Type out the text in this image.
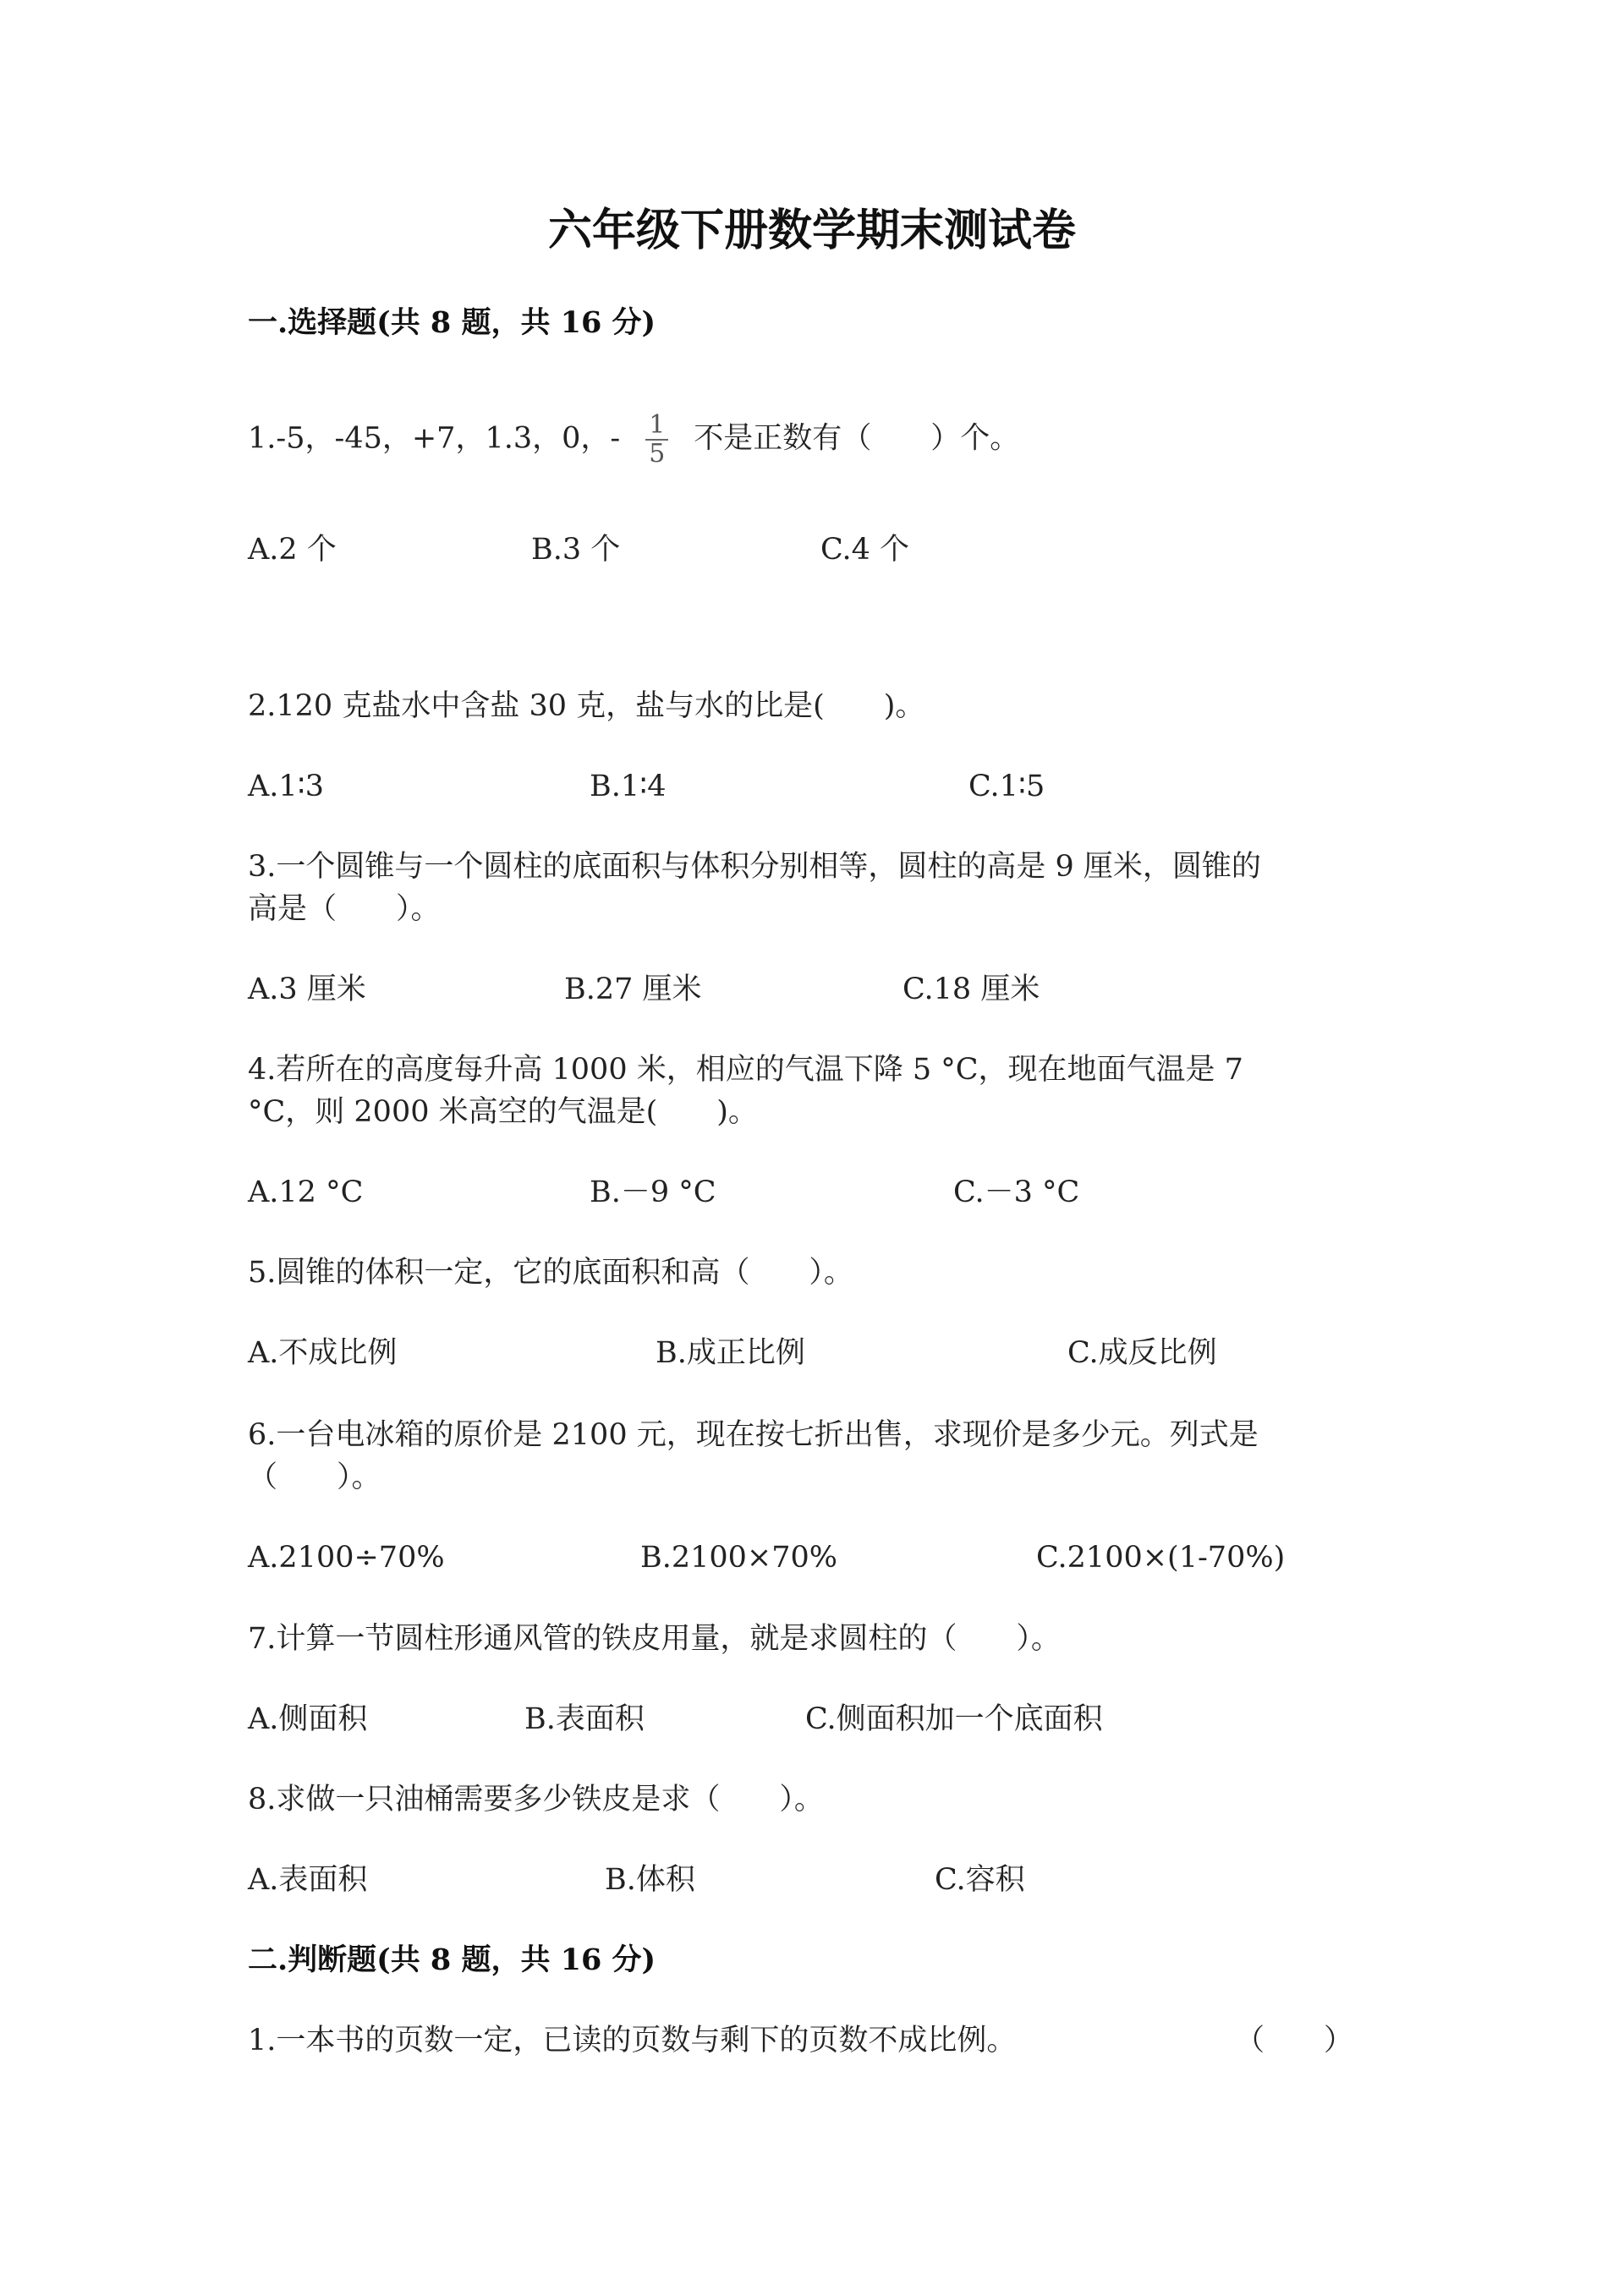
六年级下册数学期末测试卷
一.选择题(共 8 题，共 16 分)
1.-5，-45，+7，1.3，0，- $\frac{1}{5}$ 不是正数有（　　）个。
A.2 个	B.3 个	C.4 个
2.120 克盐水中含盐 30 克，盐与水的比是(　　)。
A.1∶3	B.1∶4	C.1∶5
3.一个圆锥与一个圆柱的底面积与体积分别相等，圆柱的高是 9 厘米，圆锥的
高是（　　）。
A.3 厘米	B.27 厘米	C.18 厘米
4.若所在的高度每升高 1000 米，相应的气温下降 5 °C，现在地面气温是 7
°C，则 2000 米高空的气温是(　　)。
A.12 °C	B.－9 °C	C.－3 °C
5.圆锥的体积一定，它的底面积和高（　　）。
A.不成比例	B.成正比例	C.成反比例
6.一台电冰箱的原价是 2100 元，现在按七折出售，求现价是多少元。列式是
（　　）。
A.2100÷70%	B.2100×70%	C.2100×(1-70%)
7.计算一节圆柱形通风管的铁皮用量，就是求圆柱的（　　）。
A.侧面积	B.表面积	C.侧面积加一个底面积
8.求做一只油桶需要多少铁皮是求（　　）。
A.表面积	B.体积	C.容积
二.判断题(共 8 题，共 16 分)
1.一本书的页数一定，已读的页数与剩下的页数不成比例。	（　　）
